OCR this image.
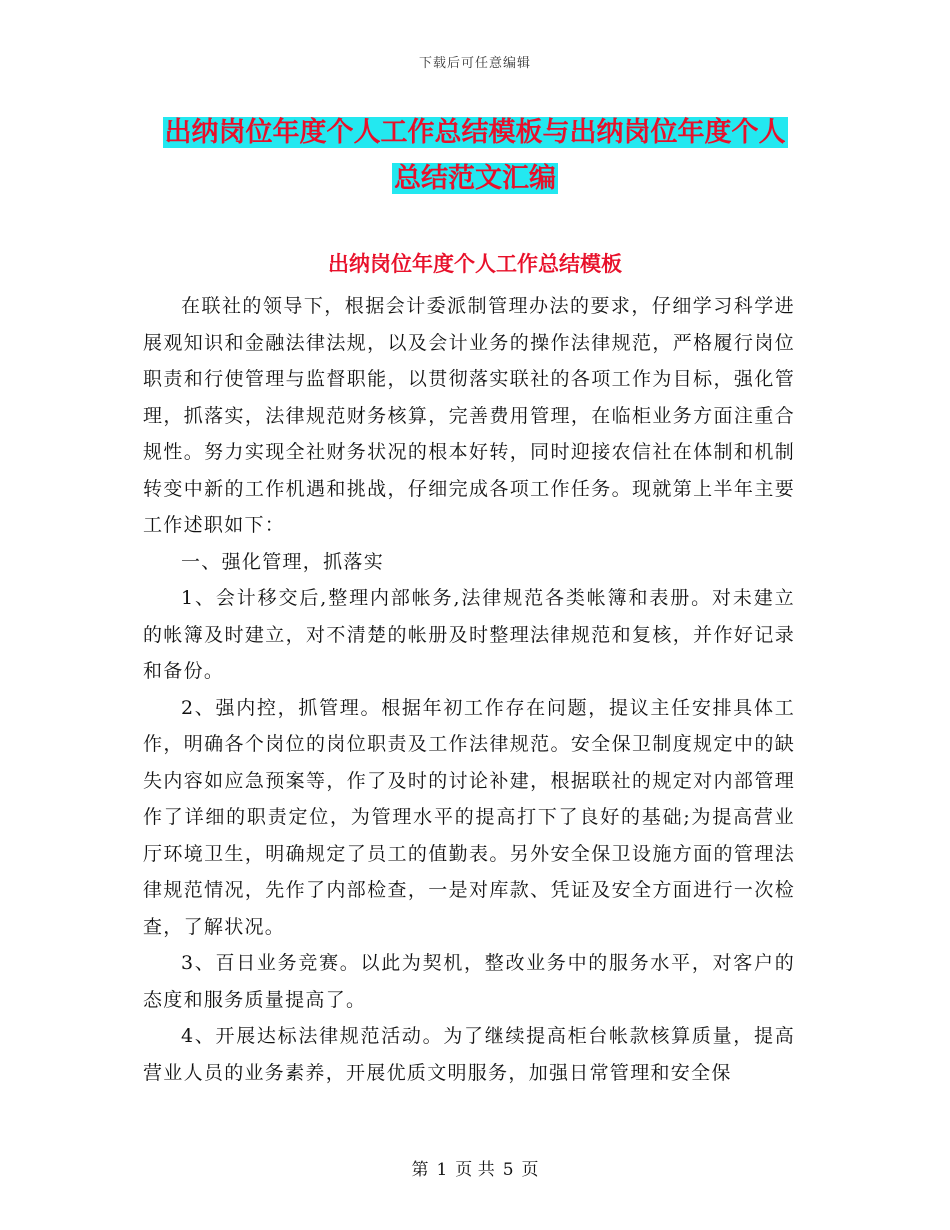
下载后可任意编辑
出纳岗位年度个人工作总结模板与出纳岗位年度个人
总结范文汇编
出纳岗位年度个人工作总结模板

在联社的领导下，根据会计委派制管理办法的要求，仔细学习科学进展观知识和金融法律法规，以及会计业务的操作法律规范，严格履行岗位职责和行使管理与监督职能，以贯彻落实联社的各项工作为目标，强化管理，抓落实，法律规范财务核算，完善费用管理，在临柜业务方面注重合规性。努力实现全社财务状况的根本好转，同时迎接农信社在体制和机制转变中新的工作机遇和挑战，仔细完成各项工作任务。现就第上半年主要工作述职如下：

一、强化管理，抓落实

1、会计移交后,整理内部帐务,法律规范各类帐簿和表册。对未建立的帐簿及时建立，对不清楚的帐册及时整理法律规范和复核，并作好记录和备份。

2、强内控，抓管理。根据年初工作存在问题，提议主任安排具体工作，明确各个岗位的岗位职责及工作法律规范。安全保卫制度规定中的缺失内容如应急预案等，作了及时的讨论补建，根据联社的规定对内部管理作了详细的职责定位，为管理水平的提高打下了良好的基础;为提高营业厅环境卫生，明确规定了员工的值勤表。另外安全保卫设施方面的管理法律规范情况，先作了内部检查，一是对库款、凭证及安全方面进行一次检查，了解状况。

3、百日业务竞赛。以此为契机，整改业务中的服务水平，对客户的态度和服务质量提高了。

4、开展达标法律规范活动。为了继续提高柜台帐款核算质量，提高营业人员的业务素养，开展优质文明服务，加强日常管理和安全保

第 1 页 共 5 页
